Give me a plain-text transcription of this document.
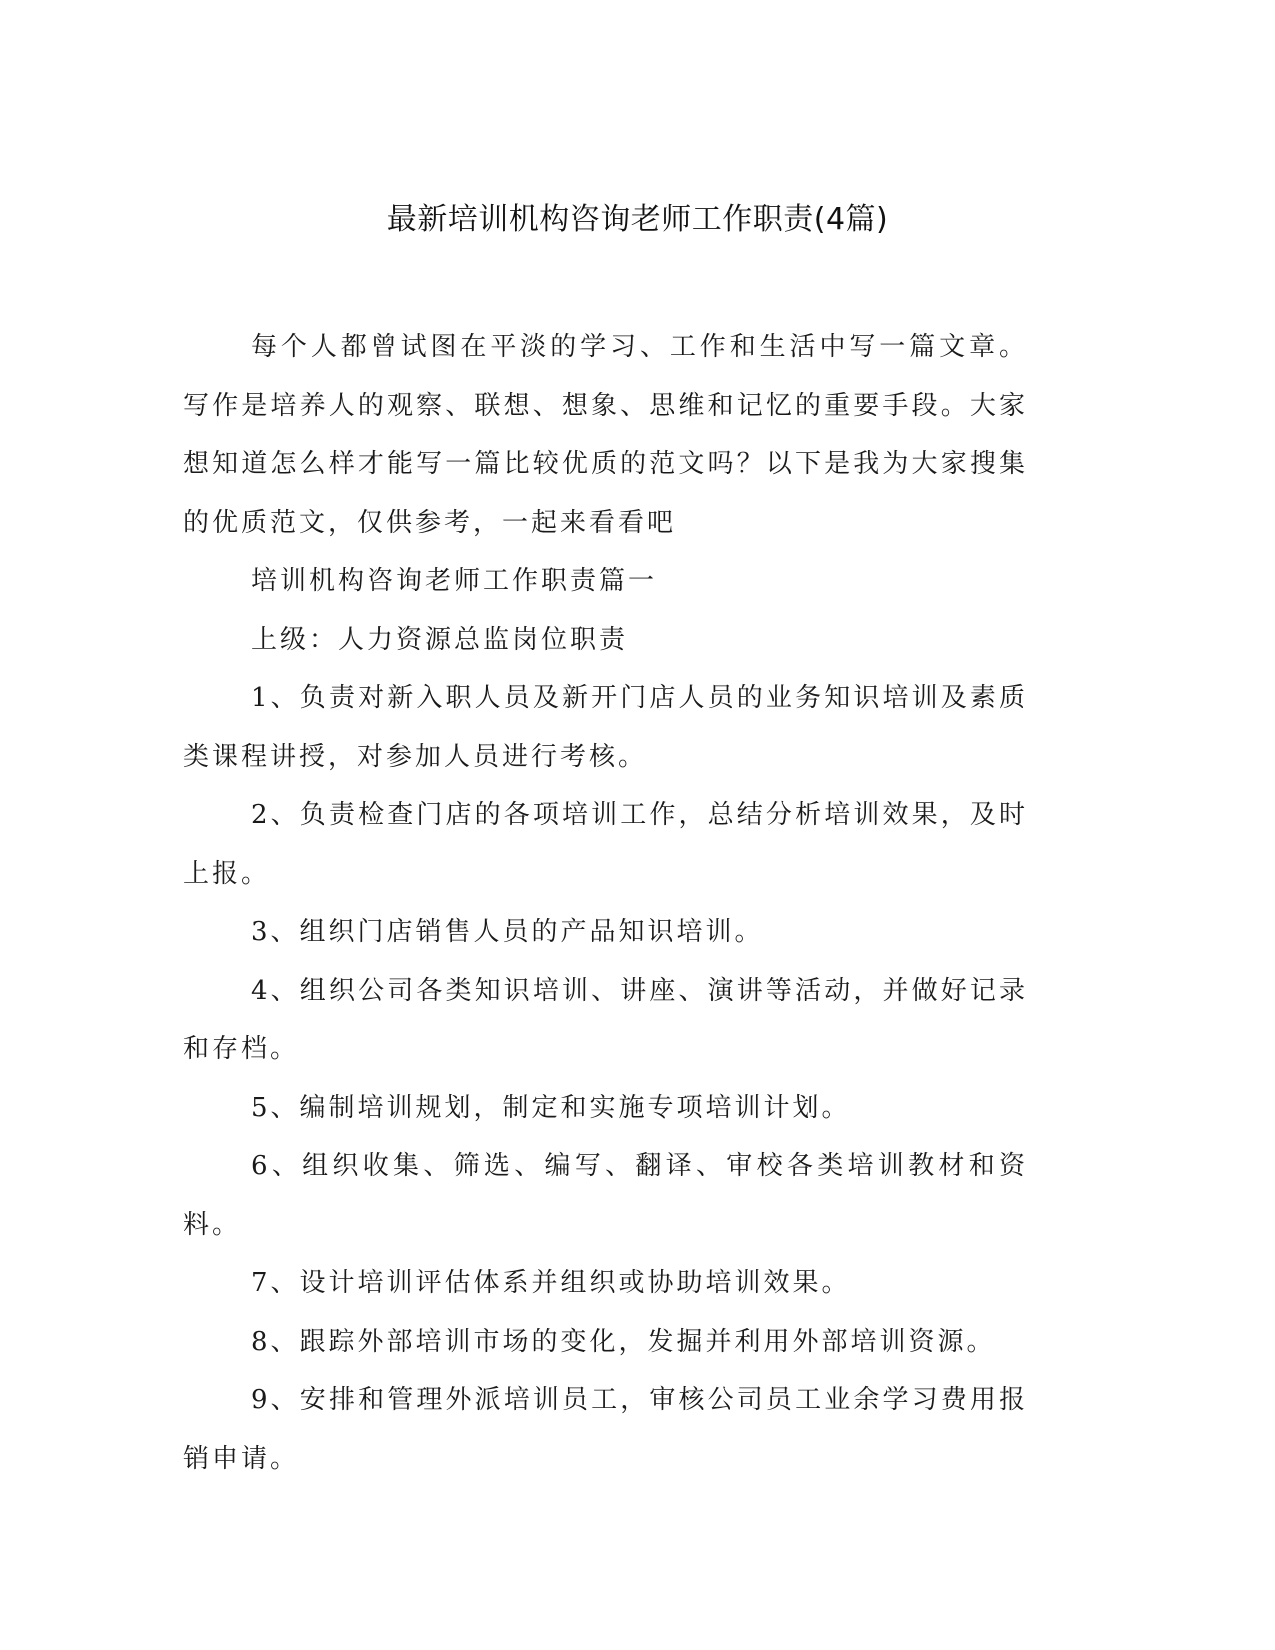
最新培训机构咨询老师工作职责(4篇)

每个人都曾试图在平淡的学习、工作和生活中写一篇文章。写作是培养人的观察、联想、想象、思维和记忆的重要手段。大家想知道怎么样才能写一篇比较优质的范文吗？以下是我为大家搜集的优质范文，仅供参考，一起来看看吧

培训机构咨询老师工作职责篇一

上级：人力资源总监岗位职责

1、负责对新入职人员及新开门店人员的业务知识培训及素质类课程讲授，对参加人员进行考核。

2、负责检查门店的各项培训工作，总结分析培训效果，及时上报。

3、组织门店销售人员的产品知识培训。

4、组织公司各类知识培训、讲座、演讲等活动，并做好记录和存档。

5、编制培训规划，制定和实施专项培训计划。

6、组织收集、筛选、编写、翻译、审校各类培训教材和资料。

7、设计培训评估体系并组织或协助培训效果。

8、跟踪外部培训市场的变化，发掘并利用外部培训资源。

9、安排和管理外派培训员工，审核公司员工业余学习费用报销申请。
